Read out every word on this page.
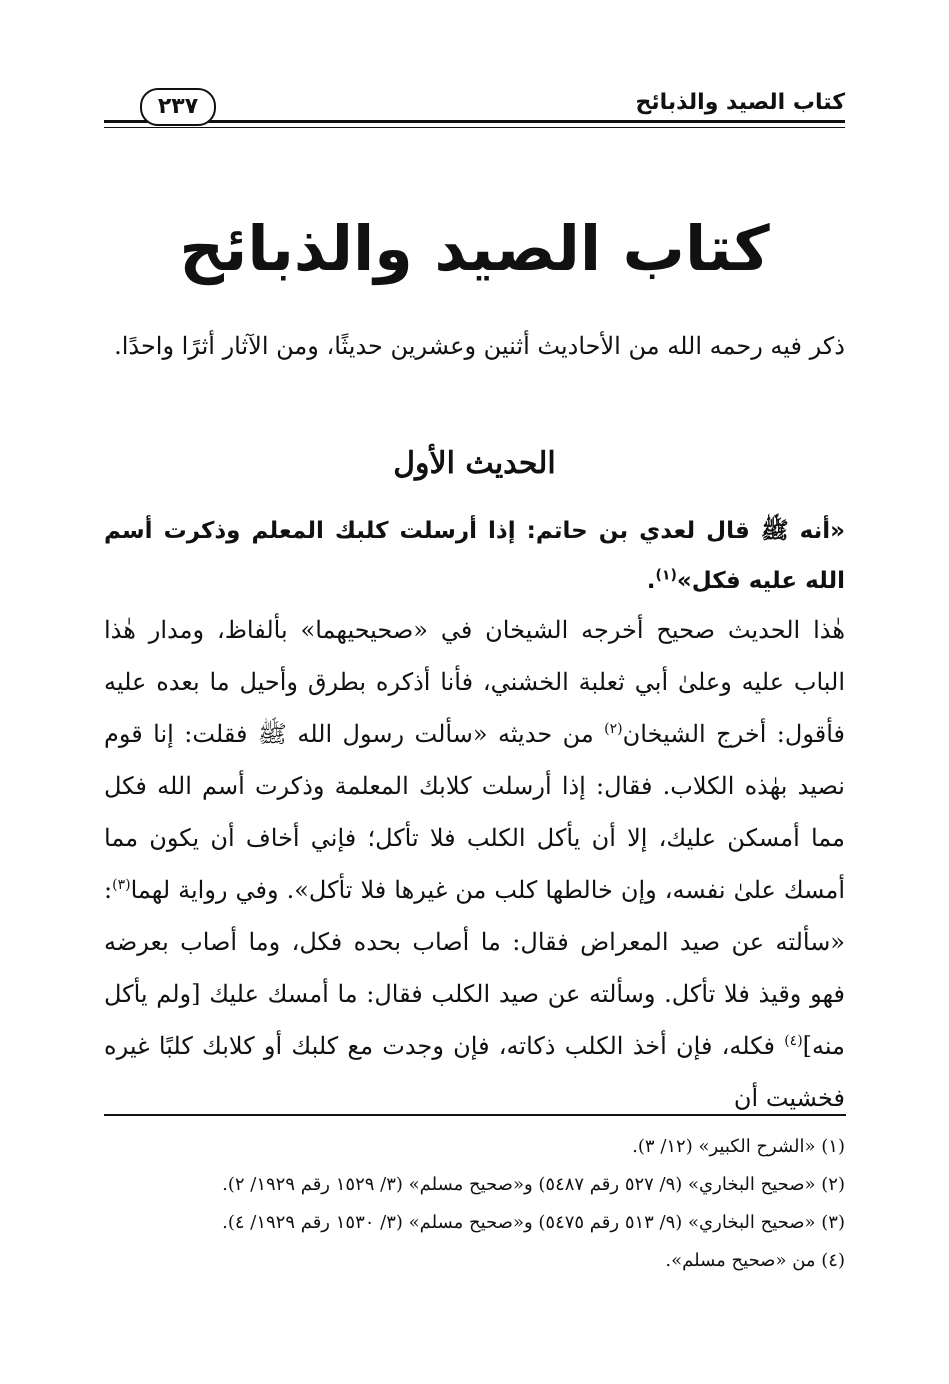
كتاب الصيد والذبائح
٢٣٧
كتاب الصيد والذبائح

ذكر فيه رحمه الله من الأحاديث أثنين وعشرين حديثًا، ومن الآثار أثرًا واحدًا.

الحديث الأول

«أنه ﷺ قال لعدي بن حاتم: إذا أرسلت كلبك المعلم وذكرت أسم الله عليه فكل»$^{(١)}$.

هٰذا الحديث صحيح أخرجه الشيخان في «صحيحيهما» بألفاظ، ومدار هٰذا الباب عليه وعلىٰ أبي ثعلبة الخشني، فأنا أذكره بطرق وأحيل ما بعده عليه فأقول: أخرج الشيخان$^{(٢)}$ من حديثه «سألت رسول الله ﷺ فقلت: إنا قوم نصيد بهٰذه الكلاب. فقال: إذا أرسلت كلابك المعلمة وذكرت أسم الله فكل مما أمسكن عليك، إلا أن يأكل الكلب فلا تأكل؛ فإني أخاف أن يكون مما أمسك علىٰ نفسه، وإن خالطها كلب من غيرها فلا تأكل». وفي رواية لهما$^{(٣)}$: «سألته عن صيد المعراض فقال: ما أصاب بحده فكل، وما أصاب بعرضه فهو وقيذ فلا تأكل. وسألته عن صيد الكلب فقال: ما أمسك عليك [ولم يأكل منه]$^{(٤)}$ فكله، فإن أخذ الكلب ذكاته، فإن وجدت مع كلبك أو كلابك كلبًا غيره فخشيت أن

(١) «الشرح الكبير» (١٢/ ٣).
(٢) «صحيح البخاري» (٩/ ٥٢٧ رقم ٥٤٨٧) و«صحيح مسلم» (٣/ ١٥٢٩ رقم ١٩٢٩/ ٢).
(٣) «صحيح البخاري» (٩/ ٥١٣ رقم ٥٤٧٥) و«صحيح مسلم» (٣/ ١٥٣٠ رقم ١٩٢٩/ ٤).
(٤) من «صحيح مسلم».
